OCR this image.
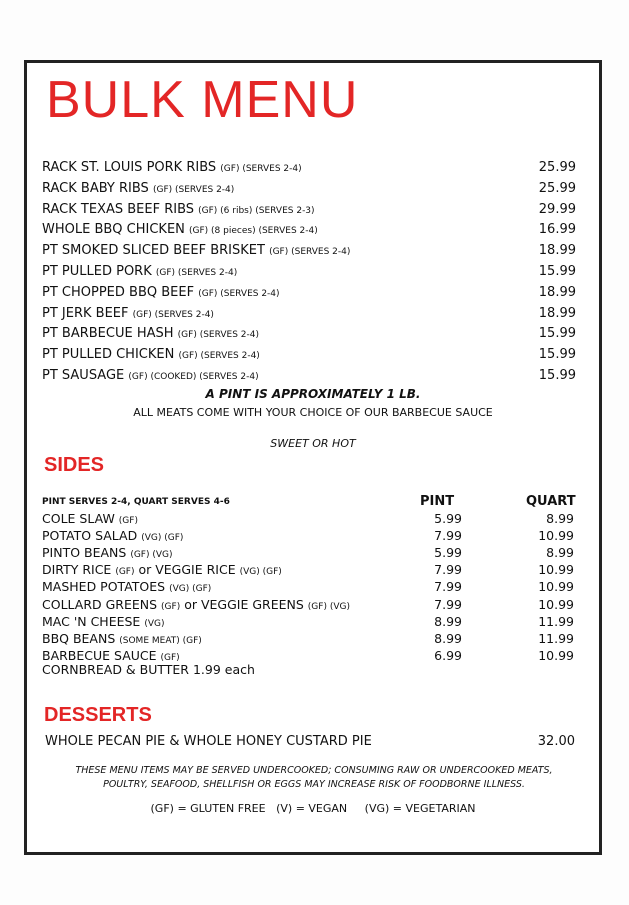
BULK MENU
RACK ST. LOUIS PORK RIBS (GF) (SERVES 2-4)	25.99
RACK BABY RIBS (GF) (SERVES 2-4)	25.99
RACK TEXAS BEEF RIBS (GF) (6 ribs) (SERVES 2-3)	29.99
WHOLE BBQ CHICKEN (GF) (8 pieces) (SERVES 2-4)	16.99
PT SMOKED SLICED BEEF BRISKET (GF) (SERVES 2-4)	18.99
PT PULLED PORK (GF) (SERVES 2-4)	15.99
PT CHOPPED BBQ BEEF (GF) (SERVES 2-4)	18.99
PT JERK BEEF (GF) (SERVES 2-4)	18.99
PT BARBECUE HASH (GF) (SERVES 2-4)	15.99
PT PULLED CHICKEN (GF) (SERVES 2-4)	15.99
PT SAUSAGE (GF) (COOKED) (SERVES 2-4)	15.99
A PINT IS APPROXIMATELY 1 LB.
ALL MEATS COME WITH YOUR CHOICE OF OUR BARBECUE SAUCE
SWEET OR HOT
SIDES
PINT SERVES 2-4, QUART SERVES 4-6	PINT	QUART
COLE SLAW (GF)	5.99	8.99
POTATO SALAD (VG) (GF)	7.99	10.99
PINTO BEANS (GF) (VG)	5.99	8.99
DIRTY RICE (GF) or VEGGIE RICE (VG) (GF)	7.99	10.99
MASHED POTATOES (VG) (GF)	7.99	10.99
COLLARD GREENS (GF) or VEGGIE GREENS (GF) (VG)	7.99	10.99
MAC 'N CHEESE (VG)	8.99	11.99
BBQ BEANS (SOME MEAT) (GF)	8.99	11.99
BARBECUE SAUCE (GF)	6.99	10.99
CORNBREAD & BUTTER 1.99 each
DESSERTS
WHOLE PECAN PIE & WHOLE HONEY CUSTARD PIE	32.00
THESE MENU ITEMS MAY BE SERVED UNDERCOOKED; CONSUMING RAW OR UNDERCOOKED MEATS,
POULTRY, SEAFOOD, SHELLFISH OR EGGS MAY INCREASE RISK OF FOODBORNE ILLNESS.
(GF) = GLUTEN FREE (V) = VEGAN (VG) = VEGETARIAN
